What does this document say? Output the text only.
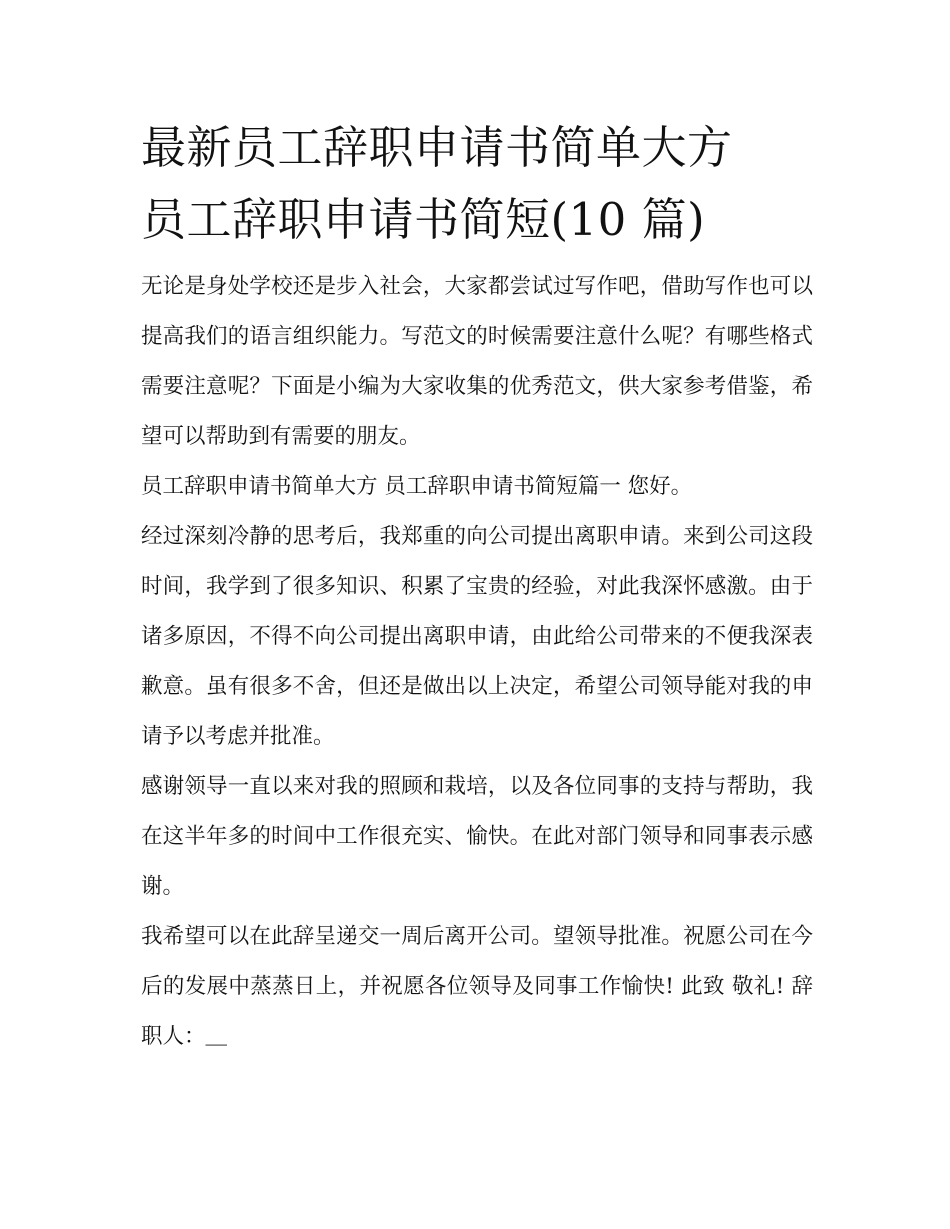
最新员工辞职申请书简单大方
员工辞职申请书简短(10 篇)

无论是身处学校还是步入社会，大家都尝试过写作吧，借助写作也可以提高我们的语言组织能力。写范文的时候需要注意什么呢？有哪些格式需要注意呢？下面是小编为大家收集的优秀范文，供大家参考借鉴，希望可以帮助到有需要的朋友。

员工辞职申请书简单大方 员工辞职申请书简短篇一 您好。

经过深刻冷静的思考后，我郑重的向公司提出离职申请。来到公司这段时间，我学到了很多知识、积累了宝贵的经验，对此我深怀感激。由于诸多原因，不得不向公司提出离职申请，由此给公司带来的不便我深表歉意。虽有很多不舍，但还是做出以上决定，希望公司领导能对我的申请予以考虑并批准。

感谢领导一直以来对我的照顾和栽培，以及各位同事的支持与帮助，我在这半年多的时间中工作很充实、愉快。在此对部门领导和同事表示感谢。

我希望可以在此辞呈递交一周后离开公司。望领导批准。祝愿公司在今后的发展中蒸蒸日上，并祝愿各位领导及同事工作愉快! 此致 敬礼! 辞职人：＿
